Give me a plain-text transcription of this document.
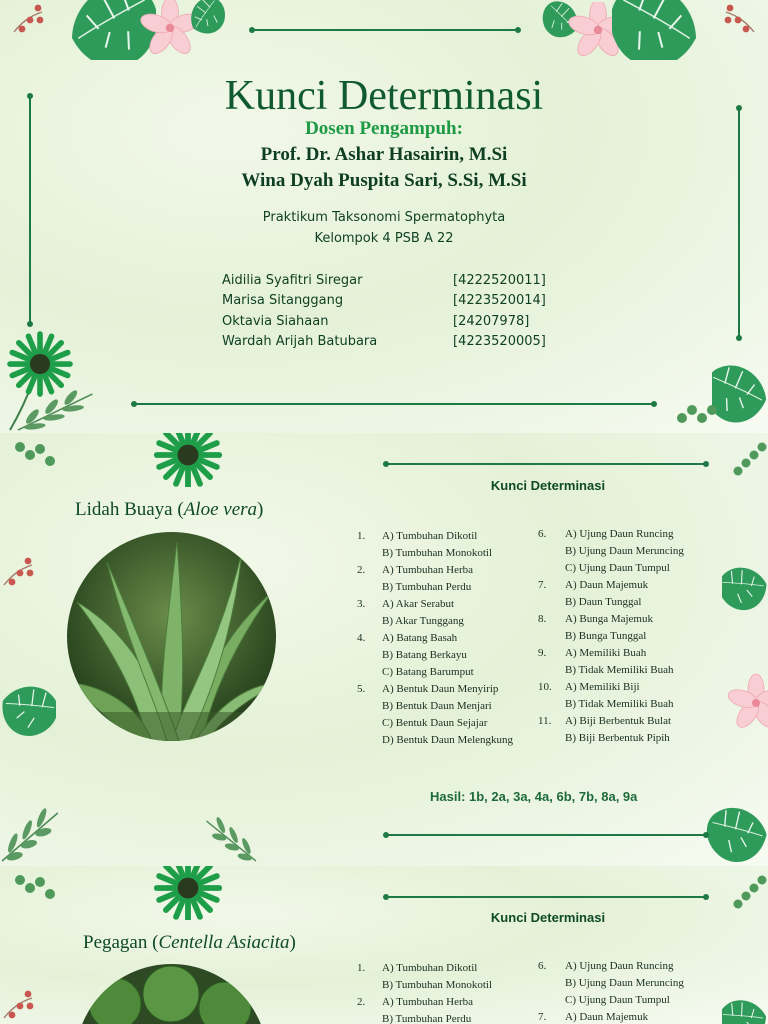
Kunci Determinasi
Dosen Pengampuh:
Prof. Dr. Ashar Hasairin, M.Si
Wina Dyah Puspita Sari, S.Si, M.Si
Praktikum Taksonomi Spermatophyta
Kelompok 4 PSB A 22
Aidilia Syafitri Siregar	[4222520011]
Marisa Sitanggang	[4223520014]
Oktavia Siahaan	[24207978]
Wardah Arijah Batubara	[4223520005]
Kunci Determinasi
Lidah Buaya (Aloe vera)
1. A) Tumbuhan Dikotil
B) Tumbuhan Monokotil
2. A) Tumbuhan Herba
B) Tumbuhan Perdu
3. A) Akar Serabut
B) Akar Tunggang
4. A) Batang Basah
B) Batang Berkayu
C) Batang Barumput
5. A) Bentuk Daun Menyirip
B) Bentuk Daun Menjari
C) Bentuk Daun Sejajar
D) Bentuk Daun Melengkung
6. A) Ujung Daun Runcing
B) Ujung Daun Meruncing
C) Ujung Daun Tumpul
7. A) Daun Majemuk
B) Daun Tunggal
8. A) Bunga Majemuk
B) Bunga Tunggal
9. A) Memiliki Buah
B) Tidak Memiliki Buah
10. A) Memiliki Biji
B) Tidak Memiliki Buah
11. A) Biji Berbentuk Bulat
B) Biji Berbentuk Pipih
Hasil: 1b, 2a, 3a, 4a, 6b, 7b, 8a, 9a
Kunci Determinasi
Pegagan (Centella Asiacita)
1. A) Tumbuhan Dikotil
B) Tumbuhan Monokotil
2. A) Tumbuhan Herba
B) Tumbuhan Perdu
6. A) Ujung Daun Runcing
B) Ujung Daun Meruncing
C) Ujung Daun Tumpul
7. A) Daun Majemuk
